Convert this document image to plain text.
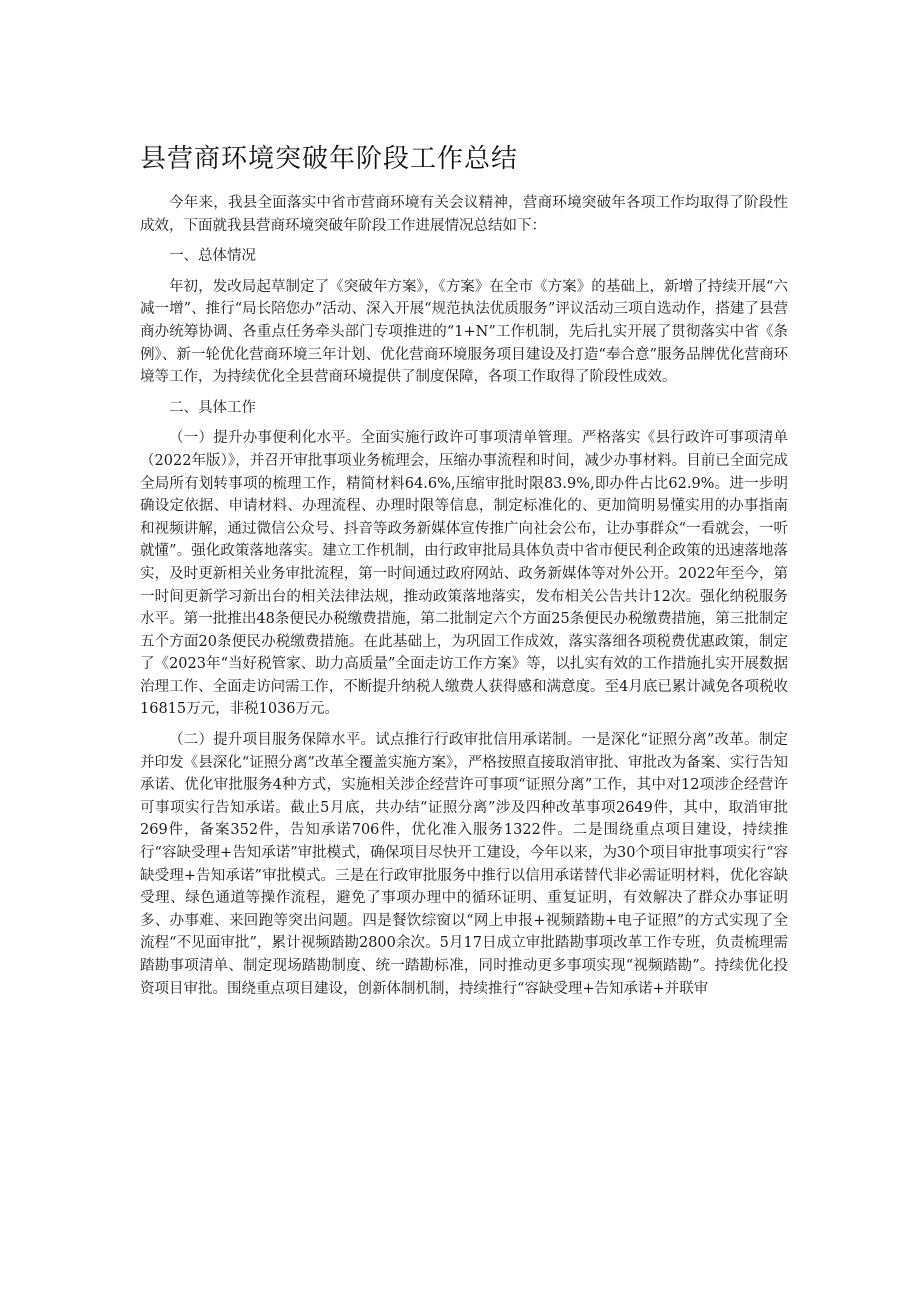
县营商环境突破年阶段工作总结

今年来，我县全面落实中省市营商环境有关会议精神，营商环境突破年各项工作均取得了阶段性成效，下面就我县营商环境突破年阶段工作进展情况总结如下：

一、总体情况

年初，发改局起草制定了《突破年方案》，《方案》在全市《方案》的基础上，新增了持续开展“六减一增”、推行“局长陪您办”活动、深入开展“规范执法优质服务”评议活动三项自选动作，搭建了县营商办统筹协调、各重点任务牵头部门专项推进的“1+N”工作机制，先后扎实开展了贯彻落实中省《条例》、新一轮优化营商环境三年计划、优化营商环境服务项目建设及打造“奉合意”服务品牌优化营商环境等工作，为持续优化全县营商环境提供了制度保障，各项工作取得了阶段性成效。

二、具体工作

（一）提升办事便利化水平。全面实施行政许可事项清单管理。严格落实《县行政许可事项清单（2022年版）》，并召开审批事项业务梳理会，压缩办事流程和时间，减少办事材料。目前已全面完成全局所有划转事项的梳理工作，精简材料64.6%,压缩审批时限83.9%,即办件占比62.9%。进一步明确设定依据、申请材料、办理流程、办理时限等信息，制定标准化的、更加简明易懂实用的办事指南和视频讲解，通过微信公众号、抖音等政务新媒体宣传推广向社会公布，让办事群众“一看就会，一听就懂”。强化政策落地落实。建立工作机制，由行政审批局具体负责中省市便民利企政策的迅速落地落实，及时更新相关业务审批流程，第一时间通过政府网站、政务新媒体等对外公开。2022年至今，第一时间更新学习新出台的相关法律法规，推动政策落地落实，发布相关公告共计12次。强化纳税服务水平。第一批推出48条便民办税缴费措施，第二批制定六个方面25条便民办税缴费措施，第三批制定五个方面20条便民办税缴费措施。在此基础上，为巩固工作成效，落实落细各项税费优惠政策，制定了《2023年“当好税管家、助力高质量”全面走访工作方案》等，以扎实有效的工作措施扎实开展数据治理工作、全面走访问需工作，不断提升纳税人缴费人获得感和满意度。至4月底已累计减免各项税收16815万元，非税1036万元。

（二）提升项目服务保障水平。试点推行行政审批信用承诺制。一是深化“证照分离”改革。制定并印发《县深化“证照分离”改革全覆盖实施方案》，严格按照直接取消审批、审批改为备案、实行告知承诺、优化审批服务4种方式，实施相关涉企经营许可事项“证照分离”工作，其中对12项涉企经营许可事项实行告知承诺。截止5月底，共办结“证照分离”涉及四种改革事项2649件，其中，取消审批269件，备案352件，告知承诺706件，优化准入服务1322件。二是围绕重点项目建设，持续推行“容缺受理+告知承诺”审批模式，确保项目尽快开工建设，今年以来，为30个项目审批事项实行“容缺受理+告知承诺”审批模式。三是在行政审批服务中推行以信用承诺替代非必需证明材料，优化容缺受理、绿色通道等操作流程，避免了事项办理中的循环证明、重复证明，有效解决了群众办事证明多、办事难、来回跑等突出问题。四是餐饮综窗以“网上申报+视频踏勘+电子证照”的方式实现了全流程“不见面审批”，累计视频踏勘2800余次。5月17日成立审批踏勘事项改革工作专班，负责梳理需踏勘事项清单、制定现场踏勘制度、统一踏勘标准，同时推动更多事项实现“视频踏勘”。持续优化投资项目审批。围绕重点项目建设，创新体制机制，持续推行“容缺受理+告知承诺+并联审
